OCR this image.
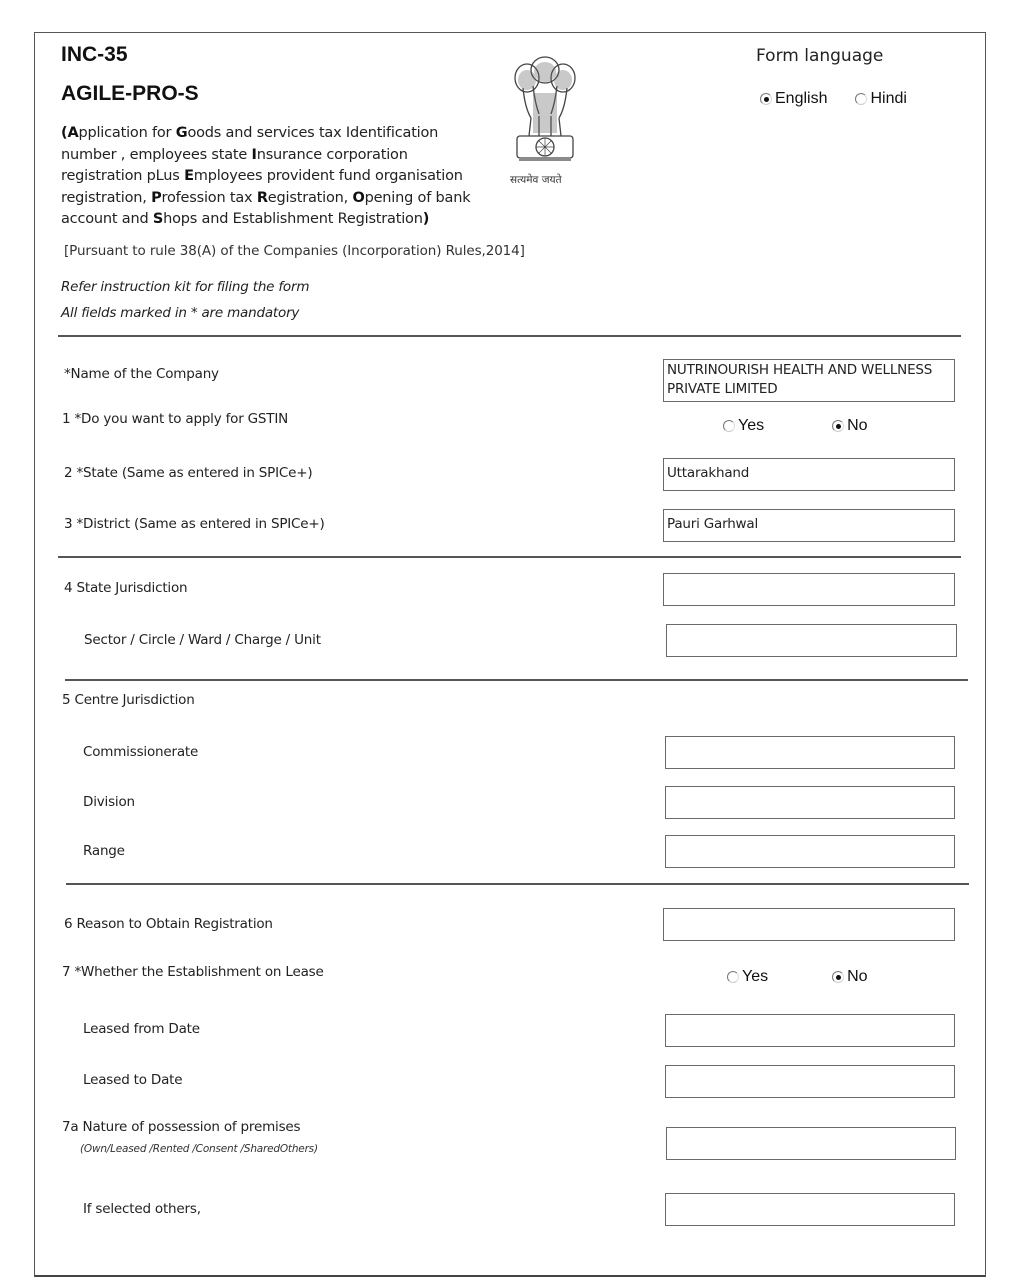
INC-35
AGILE-PRO-S
(Application for Goods and services tax Identification number , employees state Insurance corporation registration pLus Employees provident fund organisation registration, Profession tax Registration, Opening of bank account and Shops and Establishment Registration)
[Pursuant to rule 38(A) of the Companies (Incorporation) Rules,2014]
Refer instruction kit for filing the form
All fields marked in * are mandatory
सत्यमेव जयते
Form language
English	Hindi
*Name of the Company	NUTRINOURISH HEALTH AND WELLNESS PRIVATE LIMITED
1 *Do you want to apply for GSTIN	Yes	No
2 *State (Same as entered in SPICe+)	Uttarakhand
3 *District (Same as entered in SPICe+)	Pauri Garhwal
4 State Jurisdiction
Sector / Circle / Ward / Charge / Unit
5 Centre Jurisdiction
Commissionerate
Division
Range
6 Reason to Obtain Registration
7 *Whether the Establishment on Lease	Yes	No
Leased from Date
Leased to Date
7a Nature of possession of premises
(Own/Leased /Rented /Consent /SharedOthers)
If selected others,
